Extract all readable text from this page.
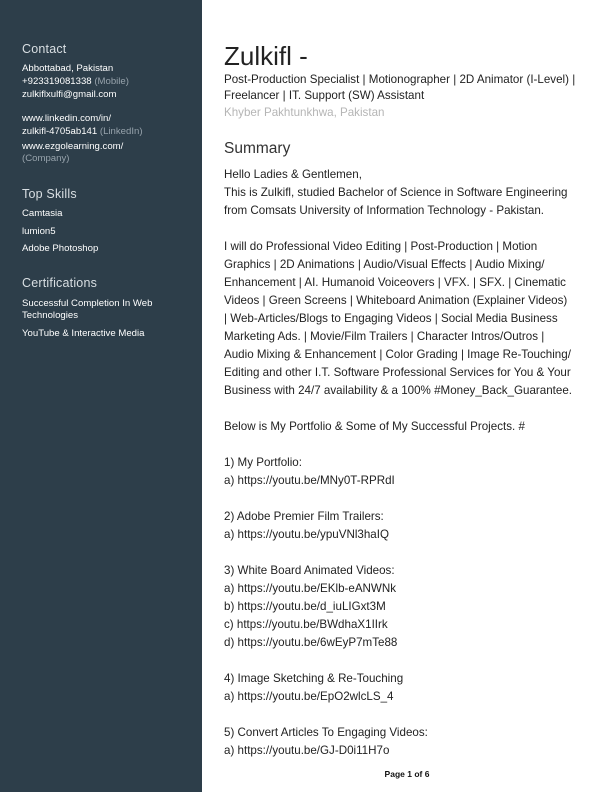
Contact
Abbottabad, Pakistan
+923319081338 (Mobile)
zulkiflxulfi@gmail.com
www.linkedin.com/in/
zulkifl-4705ab141 (LinkedIn)
www.ezgolearning.com/
(Company)
Top Skills
Camtasia
lumion5
Adobe Photoshop
Certifications
Successful Completion In Web Technologies
YouTube & Interactive Media
Zulkifl -
Post-Production Specialist | Motionographer | 2D Animator (I-Level) | Freelancer | IT. Support (SW) Assistant
Khyber Pakhtunkhwa, Pakistan
Summary
Hello Ladies & Gentlemen,
This is Zulkifl, studied Bachelor of Science in Software Engineering
from Comsats University of Information Technology - Pakistan.
I will do Professional Video Editing | Post-Production | Motion
Graphics | 2D Animations | Audio/Visual Effects | Audio Mixing/
Enhancement | AI. Humanoid Voiceovers | VFX. | SFX. | Cinematic
Videos | Green Screens | Whiteboard Animation (Explainer Videos)
| Web-Articles/Blogs to Engaging Videos | Social Media Business
Marketing Ads. | Movie/Film Trailers | Character Intros/Outros |
Audio Mixing & Enhancement | Color Grading | Image Re-Touching/
Editing and other I.T. Software Professional Services for You & Your
Business with 24/7 availability & a 100% #Money_Back_Guarantee.
Below is My Portfolio & Some of My Successful Projects. #
1) My Portfolio:
a) https://youtu.be/MNy0T-RPRdI
2) Adobe Premier Film Trailers:
a) https://youtu.be/ypuVNl3haIQ
3) White Board Animated Videos:
a) https://youtu.be/EKlb-eANWNk
b) https://youtu.be/d_iuLIGxt3M
c) https://youtu.be/BWdhaX1IIrk
d) https://youtu.be/6wEyP7mTe88
4) Image Sketching & Re-Touching
a) https://youtu.be/EpO2wlcLS_4
5) Convert Articles To Engaging Videos:
a) https://youtu.be/GJ-D0i11H7o
Page 1 of 6
